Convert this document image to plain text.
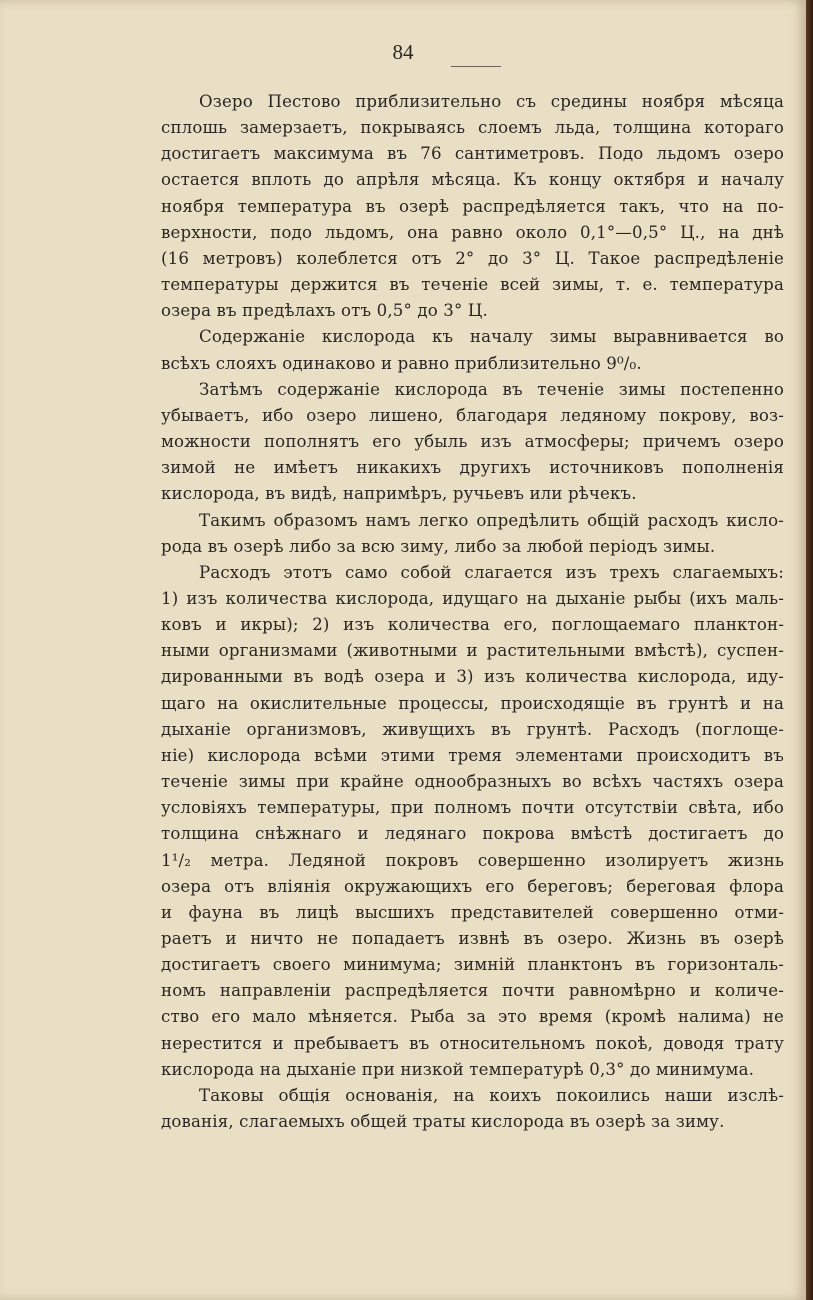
84

Озеро Пестово приблизительно съ средины ноября мѣсяца
сплошь замерзаетъ, покрываясь слоемъ льда, толщина котораго
достигаетъ максимума въ 76 сантиметровъ. Подо льдомъ озеро
остается вплоть до апрѣля мѣсяца. Къ концу октября и началу
ноября температура въ озерѣ распредѣляется такъ, что на по-
верхности, подо льдомъ, она равно около 0,1°—0,5° Ц., на днѣ
(16 метровъ) колеблется отъ 2° до 3° Ц. Такое распредѣленіе
температуры держится въ теченіе всей зимы, т. е. температура
озера въ предѣлахъ отъ 0,5° до 3° Ц.

Содержаніе кислорода къ началу зимы выравнивается во
всѣхъ слояхъ одинаково и равно приблизительно 9⁰/₀.

Затѣмъ содержаніе кислорода въ теченіе зимы постепенно
убываетъ, ибо озеро лишено, благодаря ледяному покрову, воз-
можности пополнятъ его убыль изъ атмосферы; причемъ озеро
зимой не имѣетъ никакихъ другихъ источниковъ пополненія
кислорода, въ видѣ, напримѣръ, ручьевъ или рѣчекъ.

Такимъ образомъ намъ легко опредѣлить общій расходъ кисло-
рода въ озерѣ либо за всю зиму, либо за любой періодъ зимы.

Расходъ этотъ само собой слагается изъ трехъ слагаемыхъ:
1) изъ количества кислорода, идущаго на дыханіе рыбы (ихъ маль-
ковъ и икры); 2) изъ количества его, поглощаемаго планктон-
ными организмами (животными и растительными вмѣстѣ), суспен-
дированными въ водѣ озера и 3) изъ количества кислорода, иду-
щаго на окислительные процессы, происходящіе въ грунтѣ и на
дыханіе организмовъ, живущихъ въ грунтѣ. Расходъ (поглоще-
ніе) кислорода всѣми этими тремя элементами происходитъ въ
теченіе зимы при крайне однообразныхъ во всѣхъ частяхъ озера
условіяхъ температуры, при полномъ почти отсутствіи свѣта, ибо
толщина снѣжнаго и ледянаго покрова вмѣстѣ достигаетъ до
1¹/₂ метра. Ледяной покровъ совершенно изолируетъ жизнь
озера отъ вліянія окружающихъ его береговъ; береговая флора
и фауна въ лицѣ высшихъ представителей совершенно отми-
раетъ и ничто не попадаетъ извнѣ въ озеро. Жизнь въ озерѣ
достигаетъ своего минимума; зимній планктонъ въ горизонталь-
номъ направленіи распредѣляется почти равномѣрно и количе-
ство его мало мѣняется. Рыба за это время (кромѣ налима) не
нерестится и пребываетъ въ относительномъ покоѣ, доводя трату
кислорода на дыханіе при низкой температурѣ 0,3° до минимума.

Таковы общія основанія, на коихъ покоились наши изслѣ-
дованія, слагаемыхъ общей траты кислорода въ озерѣ за зиму.
